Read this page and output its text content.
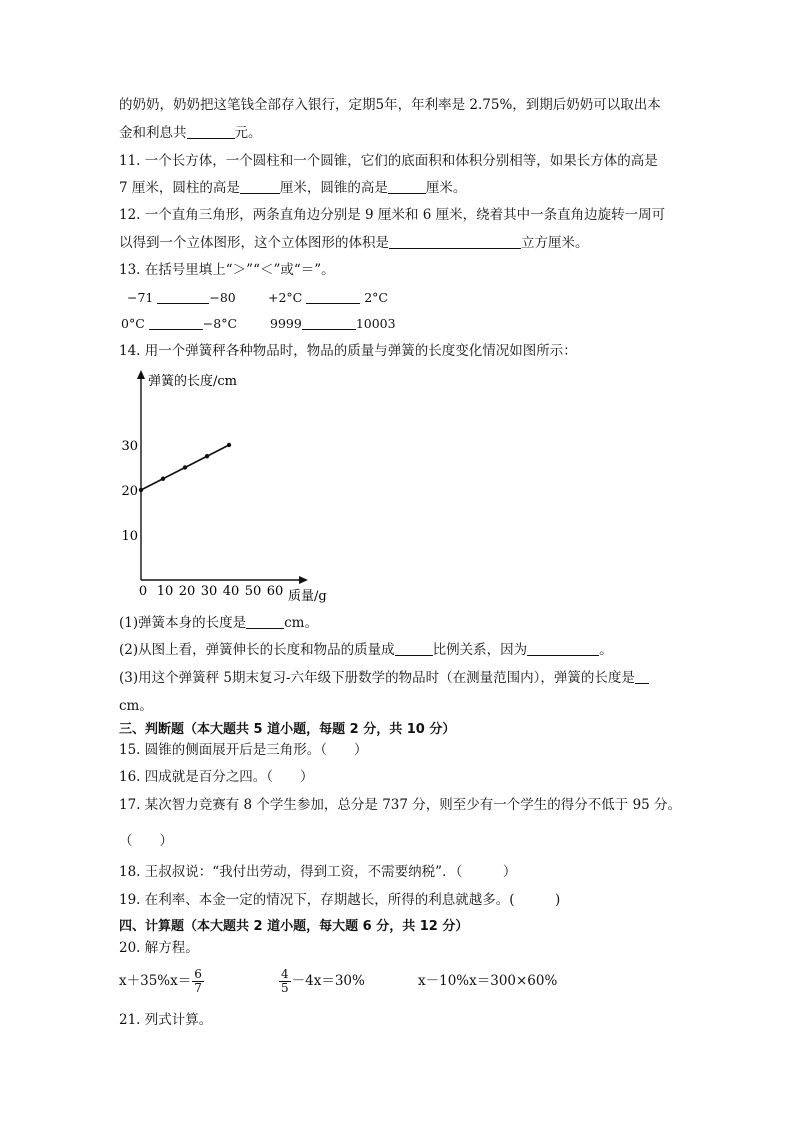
的奶奶，奶奶把这笔钱全部存入银行，定期5年，年利率是 2.75%，到期后奶奶可以取出本
金和利息共	元。
11. 一个长方体，一个圆柱和一个圆锥，它们的底面积和体积分别相等，如果长方体的高是
7 厘米，圆柱的高是	厘米，圆锥的高是	厘米。
12. 一个直角三角形，两条直角边分别是 9 厘米和 6 厘米，绕着其中一条直角边旋转一周可
以得到一个立体图形，这个立体图形的体积是	立方厘米。
13. 在括号里填上“＞”“＜”或“＝”。
−71	−80	+2°C	2°C
0°C	−8°C	9999	10003
14. 用一个弹簧秤各种物品时，物品的质量与弹簧的长度变化情况如图所示：
10
20
30
0 10 20 30 40 50 60
弹簧的长度/cm
质量/g
(1)弹簧本身的长度是	cm。
(2)从图上看，弹簧伸长的长度和物品的质量成	比例关系，因为	。
(3)用这个弹簧秤 5期末复习-六年级下册数学的物品时（在测量范围内），弹簧的长度是
cm。
三、判断题（本大题共 5 道小题，每题 2 分，共 10 分）
15. 圆锥的侧面展开后是三角形。（　　）
16. 四成就是百分之四。（　　）
17. 某次智力竞赛有 8 个学生参加，总分是 737 分，则至少有一个学生的得分不低于 95 分。
（　　）
18. 王叔叔说：“我付出劳动，得到工资，不需要纳税”．（　　　）
19. 在利率、本金一定的情况下，存期越长，所得的利息就越多。(　　　)
四、计算题（本大题共 2 道小题，每大题 6 分，共 12 分）
20. 解方程。
$x+35\%x= \frac{6}{7}$	$\frac{4}{5} -4x=30\%$	x－10%x＝300×60%
21. 列式计算。
